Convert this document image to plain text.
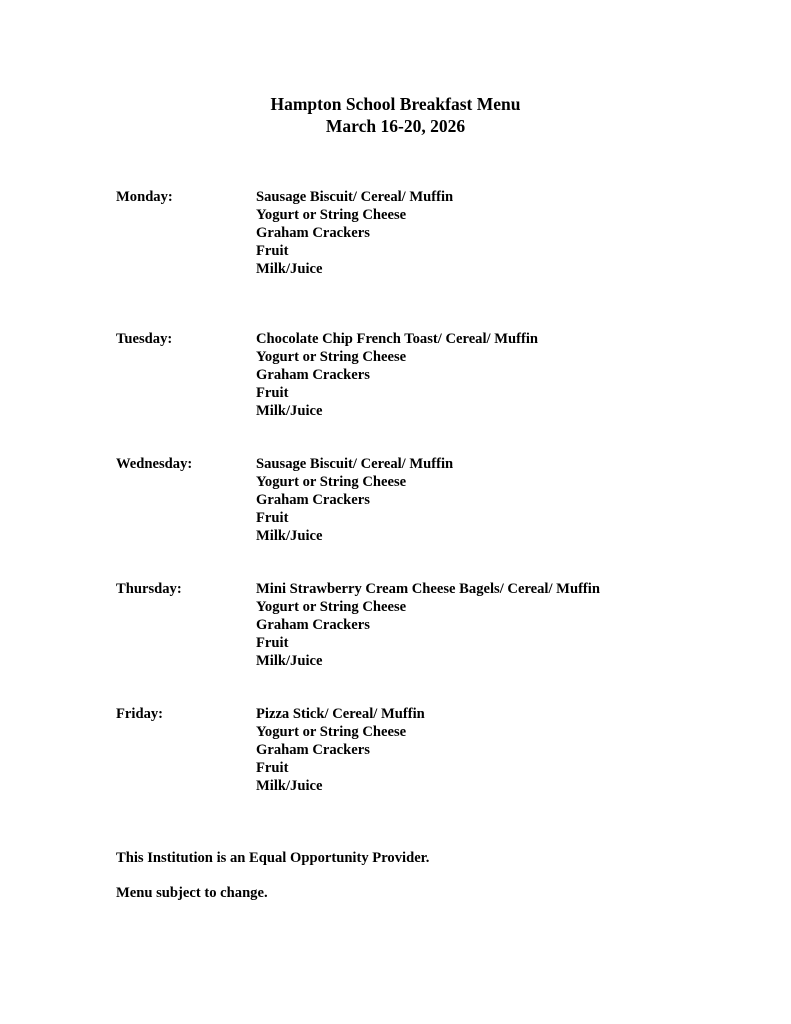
Hampton School Breakfast Menu
March 16-20, 2026
Monday:	Sausage Biscuit/ Cereal/ Muffin
Yogurt or String Cheese
Graham Crackers
Fruit
Milk/Juice
Tuesday:	Chocolate Chip French Toast/ Cereal/ Muffin
Yogurt or String Cheese
Graham Crackers
Fruit
Milk/Juice
Wednesday:	Sausage Biscuit/ Cereal/ Muffin
Yogurt or String Cheese
Graham Crackers
Fruit
Milk/Juice
Thursday:	Mini Strawberry Cream Cheese Bagels/ Cereal/ Muffin
Yogurt or String Cheese
Graham Crackers
Fruit
Milk/Juice
Friday:	Pizza Stick/ Cereal/ Muffin
Yogurt or String Cheese
Graham Crackers
Fruit
Milk/Juice
This Institution is an Equal Opportunity Provider.
Menu subject to change.
